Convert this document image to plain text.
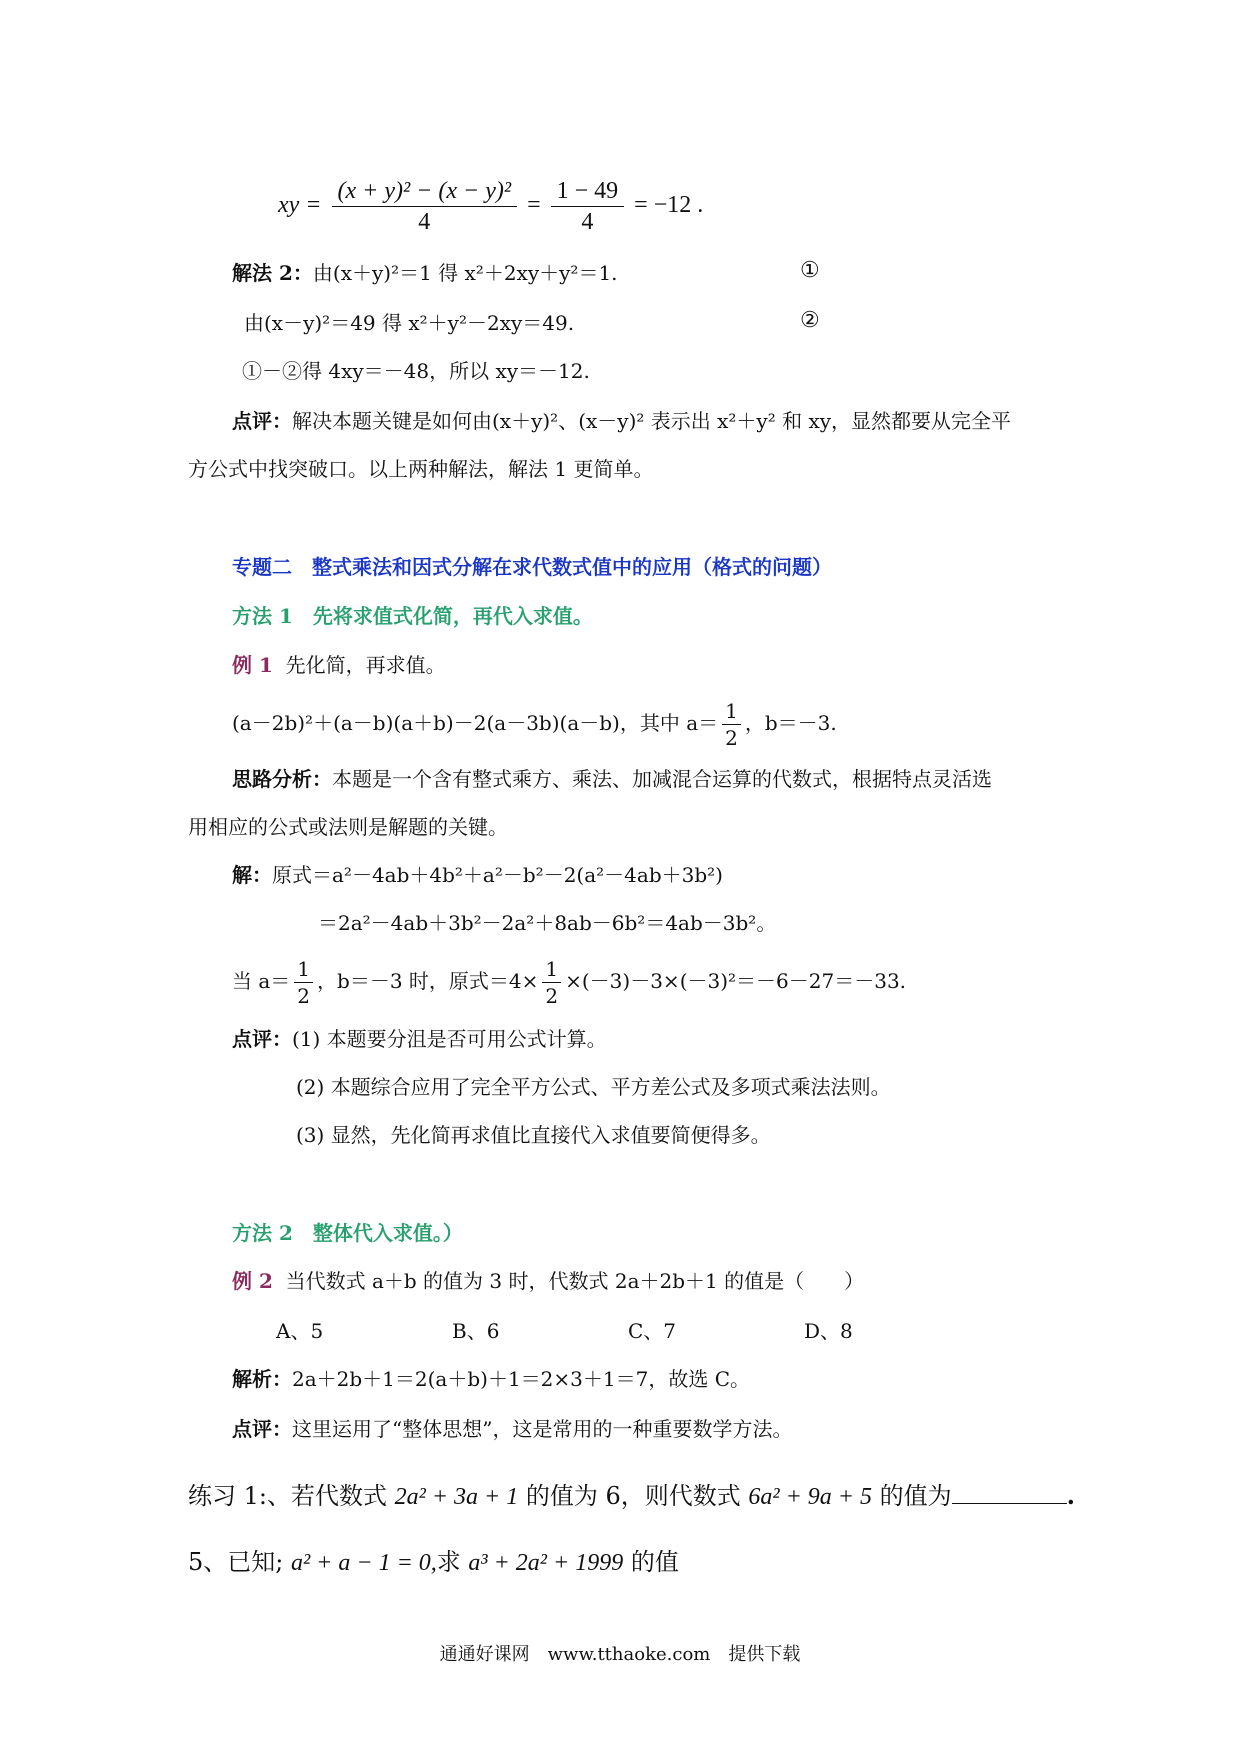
xy = $\frac{\text{(x + y)² − (x − y)²}}{4} = \frac{1 - 49}{4} = -12$ .
解法 2：由(x＋y)²＝1 得 x²＋2xy＋y²＝1.	①
由(x－y)²＝49 得 x²＋y²－2xy＝49.	②
①－②得 4xy＝－48，所以 xy＝－12.
点评：解决本题关键是如何由(x＋y)²、(x－y)² 表示出 x²＋y² 和 xy，显然都要从完全平
方公式中找突破口。以上两种解法，解法 1 更简单。
专题二　整式乘法和因式分解在求代数式值中的应用（格式的问题）
方法 1　先将求值式化简，再代入求值。
例 1 先化简，再求值。
(a－2b)²＋(a－b)(a＋b)－2(a－3b)(a－b)，其中 $a= \frac{1}{2}$ ，b＝－3.
思路分析：本题是一个含有整式乘方、乘法、加减混合运算的代数式，根据特点灵活选
用相应的公式或法则是解题的关键。
解：原式＝a²－4ab＋4b²＋a²－b²－2(a²－4ab＋3b²)
＝2a²－4ab＋3b²－2a²＋8ab－6b²＝4ab－3b²。
当 $a= \frac{1}{2}$ ，b＝－3 时，原式$=4\times \frac{1}{2} \times(-3)-3\times(-3)^2=-6-27=-33$.
点评：(1) 本题要分沮是否可用公式计算。
(2) 本题综合应用了完全平方公式、平方差公式及多项式乘法法则。
(3) 显然，先化简再求值比直接代入求值要简便得多。
方法 2　整体代入求值。）
例 2 当代数式 a＋b 的值为 3 时，代数式 2a＋2b＋1 的值是（　　）
A、5	B、6	C、7	D、8
解析：2a＋2b＋1＝2(a＋b)＋1＝2×3＋1＝7，故选 C。
点评：这里运用了“整体思想”，这是常用的一种重要数学方法。
练习 1:、若代数式 2a² + 3a + 1 的值为 6，则代数式 6a² + 9a + 5 的值为	.
5、已知; a² + a − 1 = 0,求 a³ + 2a² + 1999 的值
通通好课网　www.tthaoke.com　提供下载
